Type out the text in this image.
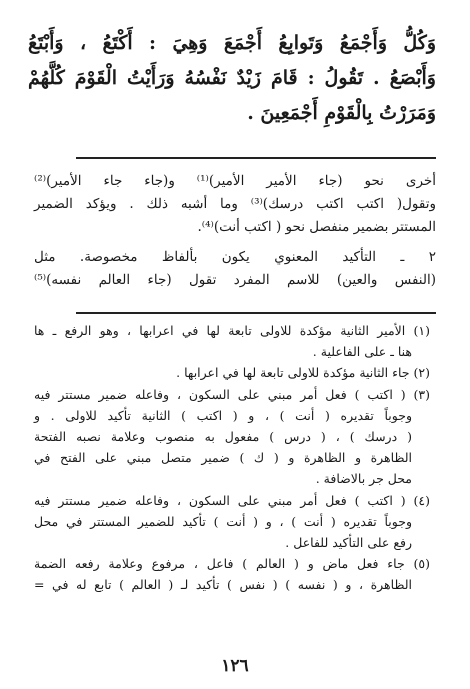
وَكُلُّ وَأَجْمَعُ وَتَوابِعُ أَجْمَعَ وَهِيَ : أَكْتَعُ ، وَأَبْتَعُ
وَأَبْصَعُ . تَقُولُ : قَامَ زَيْدٌ نَفْسُهُ وَرَأَيْتُ الْقَوْمَ كُلَّهُمْ
وَمَرَرْتُ بِالْقَوْمِ أَجْمَعِينَ .
أخرى نحو (جاء الأمير الأمير)⁽¹⁾ و(جاء جاء الأمير)⁽²⁾
وتقول( اكتب اكتب درسك)⁽³⁾ وما أشبه ذلك . ويؤكد الضمير
المستتر بضمير منفصل نحو ( اكتب أنت)⁽⁴⁾.
٢ ـ التأكيد المعنوي يكون بألفاظ مخصوصة. مثل
(النفس والعين) للاسم المفرد تقول (جاء العالم نفسه)⁽⁵⁾
(١) الأمير الثانية مؤكدة للاولى تابعة لها في اعرابها ، وهو الرفع ـ ها
هنا ـ على الفاعلية .
(٢) جاء الثانية مؤكدة للاولى تابعة لها في اعرابها .
(٣) ( اكتب ) فعل أمر مبني على السكون ، وفاعله ضمير مستتر فيه
وجوباً تقديره ( أنت ) ، و ( اكتب ) الثانية تأكيد للاولى . و
( درسك ) ، ( درس ) مفعول به منصوب وعلامة نصبه الفتحة
الظاهرة و الظاهرة و ( ك ) ضمير متصل مبني على الفتح في
محل جر بالاضافة .
(٤) ( اكتب ) فعل أمر مبني على السكون ، وفاعله ضمير مستتر فيه
وجوباً تقديره ( أنت ) ، و ( أنت ) تأكيد للضمير المستتر في محل
رفع على التأكيد للفاعل .
(٥) جاء فعل ماض و ( العالم ) فاعل ، مرفوع وعلامة رفعه الضمة
الظاهرة ، و ( نفسه ) ( نفس ) تأكيد لـ ( العالم ) تابع له في =
١٢٦
